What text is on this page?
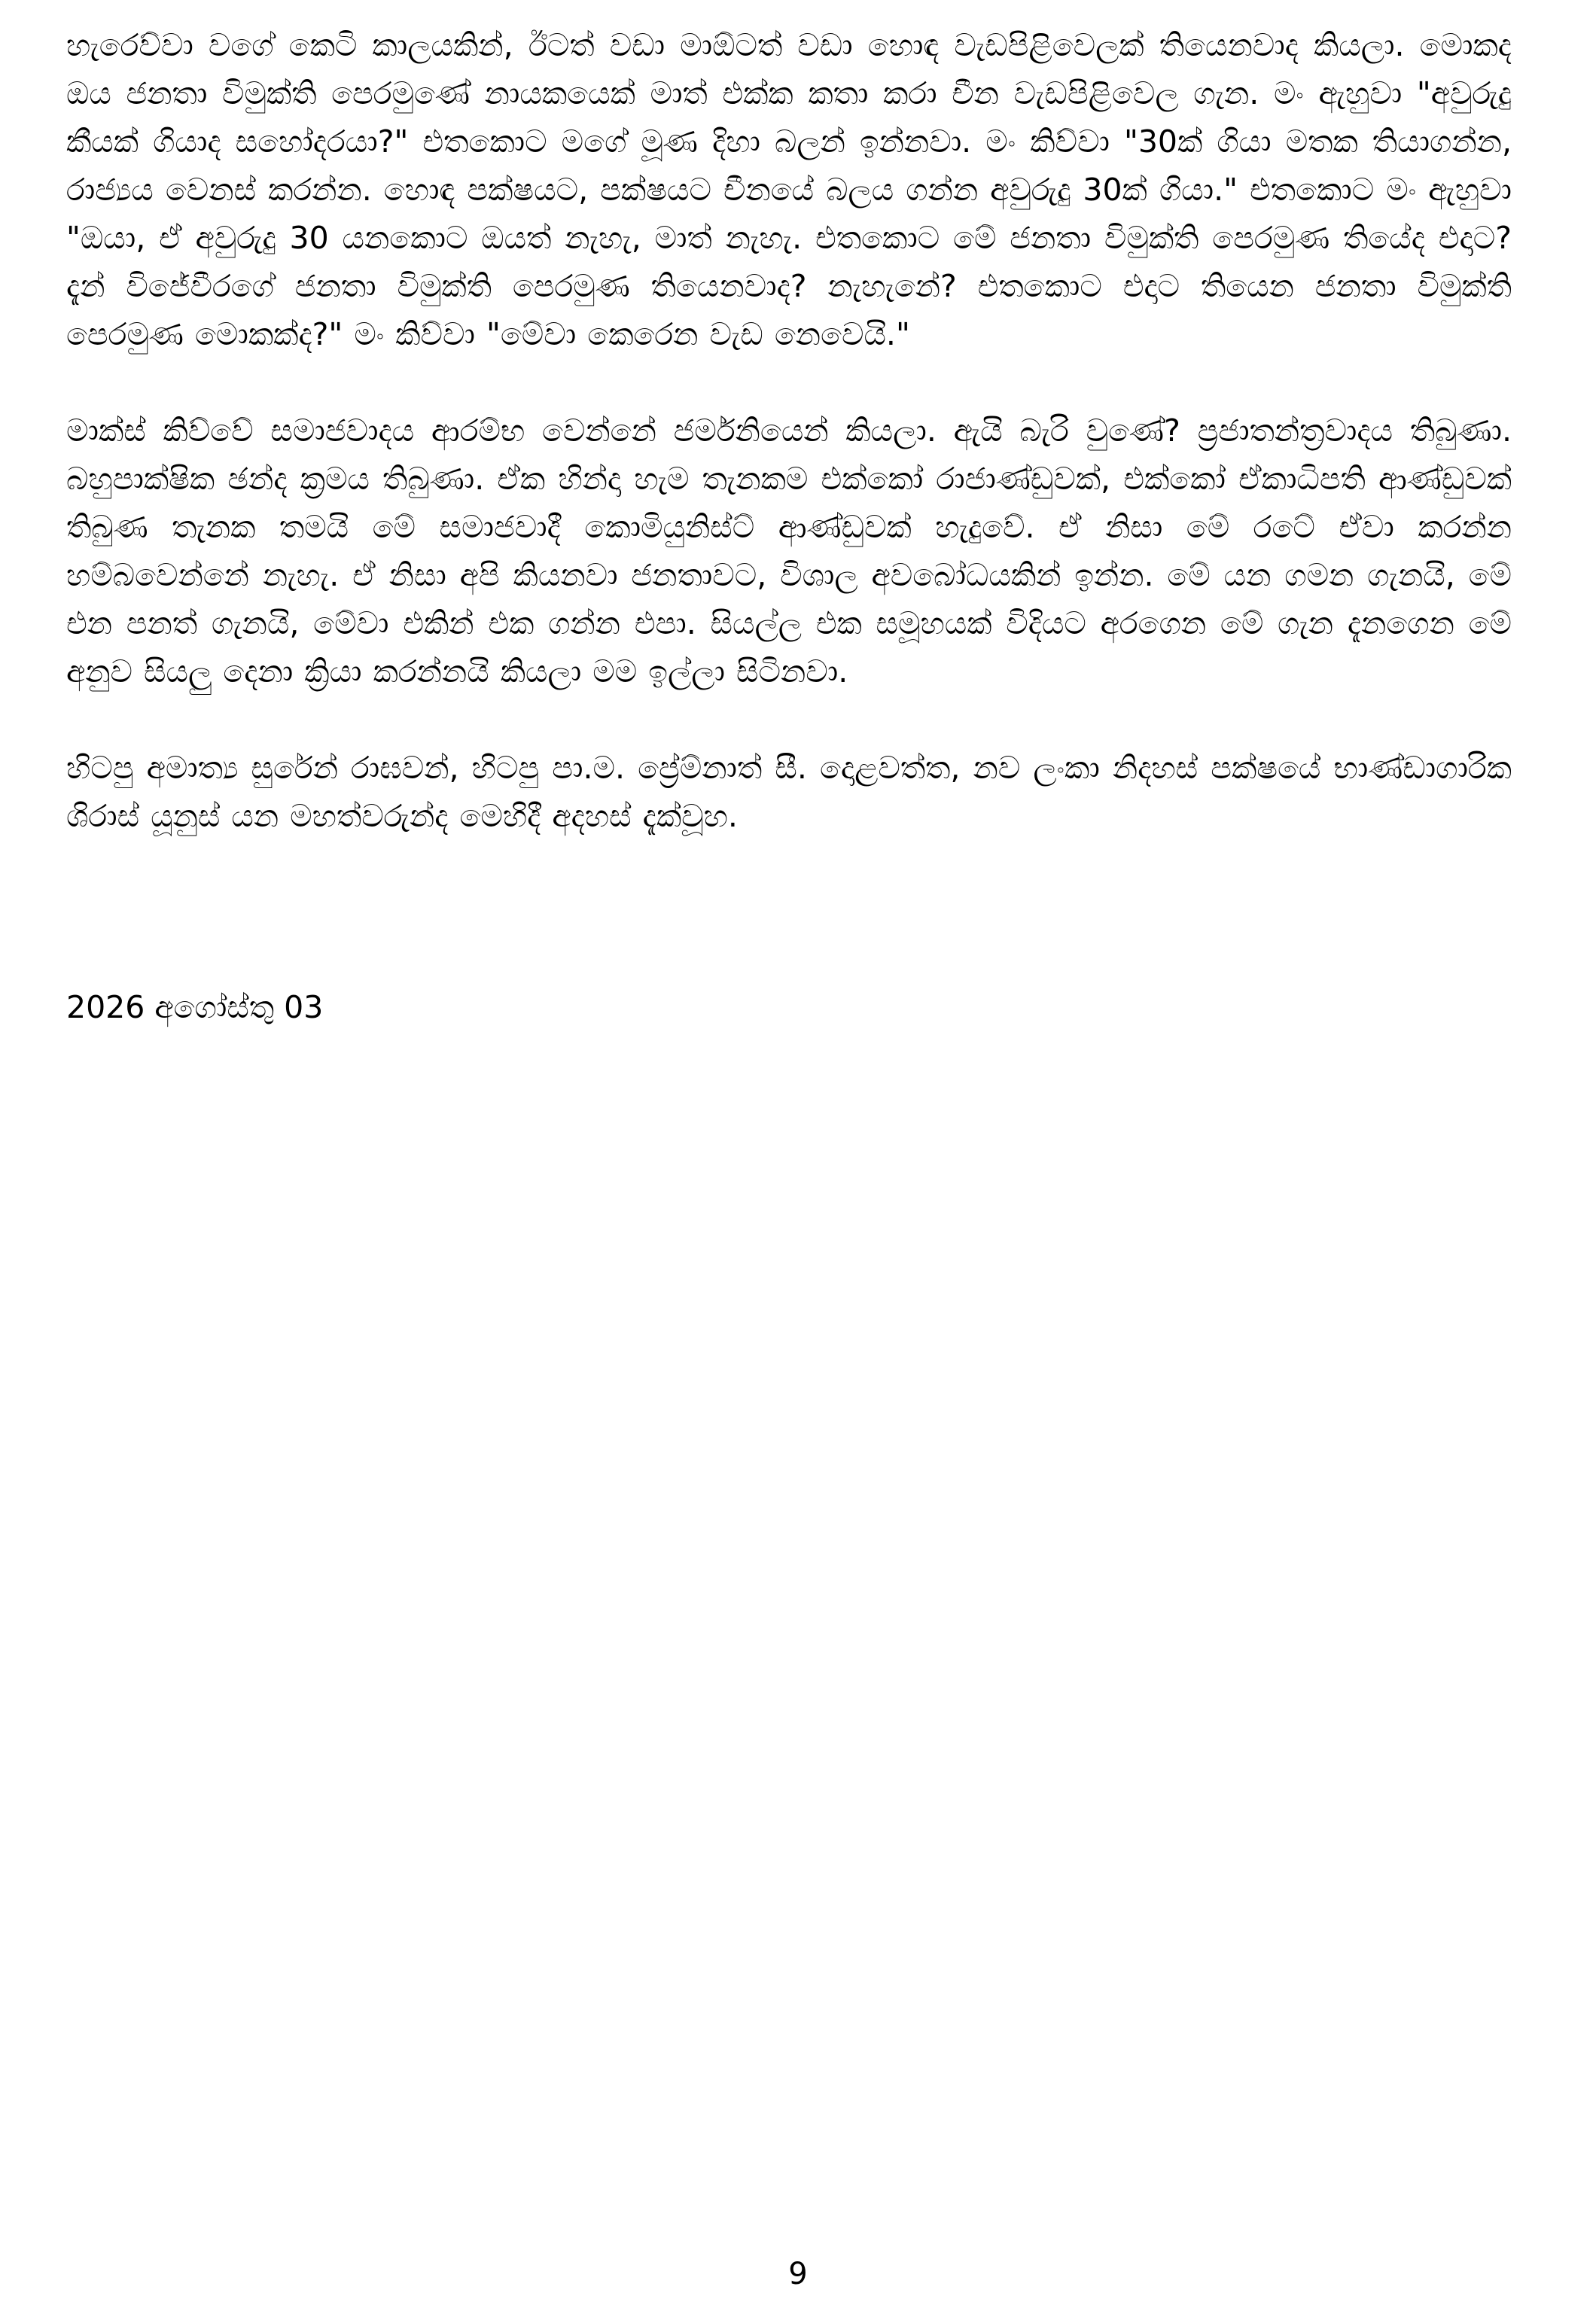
හැරෙව්වා වගේ කෙටි කාලයකින්, ඊටත් වඩා මාඕටත් වඩා හොඳ වැඩපිළිවෙලක් තියෙනවාද කියලා. මොකද ඔය ජනතා විමුක්ති පෙරමුණේ නායකයෙක් මාත් එක්ක කතා කරා චීන වැඩපිළිවෙල ගැන. මං ඇහුවා "අවුරුදු කීයක් ගියාද සහෝදරයා?" එතකොට මගේ මූණ දිහා බලන් ඉන්නවා. මං කිව්වා "30ක් ගියා මතක තියාගන්න, රාජ්‍යය වෙනස් කරන්න. හොඳ පක්ෂයට, පක්ෂයට චීනයේ බලය ගන්න අවුරුදු 30ක් ගියා." එතකොට මං ඇහුවා "ඔයා, ඒ අවුරුදු 30 යනකොට ඔයත් නැහැ, මාත් නැහැ. එතකොට මේ ජනතා විමුක්ති පෙරමුණ තියේද එදාට? දැන් විජේවීරගේ ජනතා විමුක්ති පෙරමුණ තියෙනවාද? නැහැනේ? එතකොට එදාට තියෙන ජනතා විමුක්ති පෙරමුණ මොකක්ද?" මං කිව්වා "මේවා කෙරෙන වැඩ නෙවෙයි."

මාක්ස් කිව්වේ සමාජවාදය ආරම්භ වෙන්නේ ජර්මනියෙන් කියලා. ඇයි බැරි වුණේ? ප්‍රජාතන්ත්‍රවාදය තිබුණා. බහුපාක්ෂික ඡන්ද ක්‍රමය තිබුණා. ඒක හින්දා හැම තැනකම එක්කෝ රාජාණ්ඩුවක්, එක්කෝ ඒකාධිපති ආණ්ඩුවක් තිබුණ තැනක තමයි මේ සමාජවාදී කොමියුනිස්ට් ආණ්ඩුවක් හැදුවේ. ඒ නිසා මේ රටේ ඒවා කරන්න හම්බවෙන්නේ නැහැ. ඒ නිසා අපි කියනවා ජනතාවට, විශාල අවබෝධයකින් ඉන්න. මේ යන ගමන ගැනයි, මේ එන පනත් ගැනයි, මේවා එකින් එක ගන්න එපා. සියල්ල එක සමූහයක් විදියට අරගෙන මේ ගැන දැනගෙන මේ අනුව සියලු දෙනා ක්‍රියා කරන්නයි කියලා මම ඉල්ලා සිටිනවා.

හිටපු අමාත්‍ය සුරේන් රාඝවන්, හිටපු පා.ම. ප්‍රේම්නාත් සී. දොළවත්ත, නව ලංකා නිදහස් පක්ෂයේ භාණ්ඩාගාරික ශිරාස් යූනුස් යන මහත්වරුන්ද මෙහිදී අදහස් දැක්වූහ.

2026 අගෝස්තු 03

9
